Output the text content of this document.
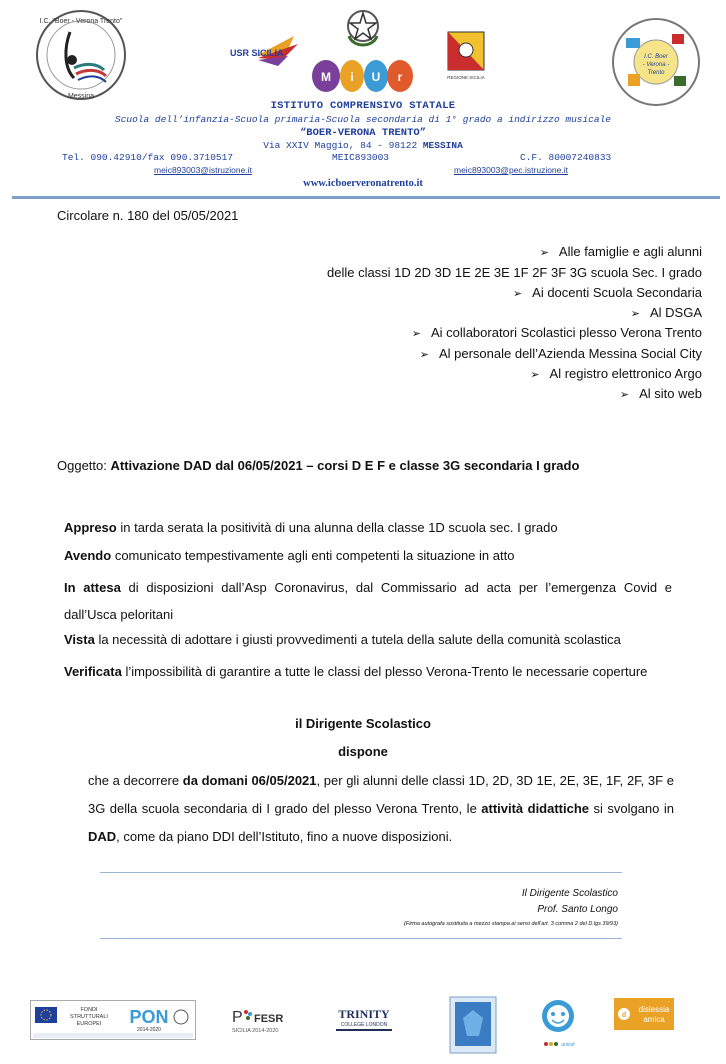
I.C. "Boer - Verona Trento"
Messina
USR SICILIA
M i U r	REGIONE SICILIA
I.C. Boer
- Verona -
Trento
ISTITUTO COMPRENSIVO STATALE
Scuola dell’infanzia-Scuola primaria-Scuola secondaria di 1° grado a indirizzo musicale
“BOER-VERONA TRENTO”
Via XXIV Maggio, 84 - 98122 MESSINA
Tel. 090.42910/fax 090.3710517	MEIC893003	C.F. 80007240833
meic893003@istruzione.it	meic893003@pec.istruzione.it
www.icboerveronatrento.it
Circolare n. 180 del 05/05/2021
➢ Alle famiglie e agli alunni
delle classi 1D 2D 3D 1E 2E 3E 1F 2F 3F 3G scuola Sec. I grado
➢ Ai docenti Scuola Secondaria
➢ Al DSGA
➢ Ai collaboratori Scolastici plesso Verona Trento
➢ Al personale dell’Azienda Messina Social City
➢ Al registro elettronico Argo
➢ Al sito web
Oggetto: Attivazione DAD dal 06/05/2021 – corsi D E F e classe 3G secondaria I grado
Appreso in tarda serata la positività di una alunna della classe 1D scuola sec. I grado
Avendo comunicato tempestivamente agli enti competenti la situazione in atto
In attesa di disposizioni dall’Asp Coronavirus, dal Commissario ad acta per l’emergenza Covid e dall’Usca peloritani
Vista la necessità di adottare i giusti provvedimenti a tutela della salute della comunità scolastica
Verificata l’impossibilità di garantire a tutte le classi del plesso Verona-Trento le necessarie coperture
il Dirigente Scolastico
dispone
che a decorrere da domani 06/05/2021, per gli alunni delle classi 1D, 2D, 3D 1E, 2E, 3E, 1F, 2F, 3F e 3G della scuola secondaria di I grado del plesso Verona Trento, le attività didattiche si svolgano in DAD, come da piano DDI dell’Istituto, fino a nuove disposizioni.
Il Dirigente Scolastico
Prof. Santo Longo
(Firma autografa sostituita a mezzo stampa ai sensi dell’art. 3 comma 2 del D.lgs 39/93)
FONDI
STRUTTURALI
EUROPEI PON
2014-2020
P FESR
SICILIA 2014-2020
TRINITY
COLLEGE LONDON
unicef
d
dislessia
amica
